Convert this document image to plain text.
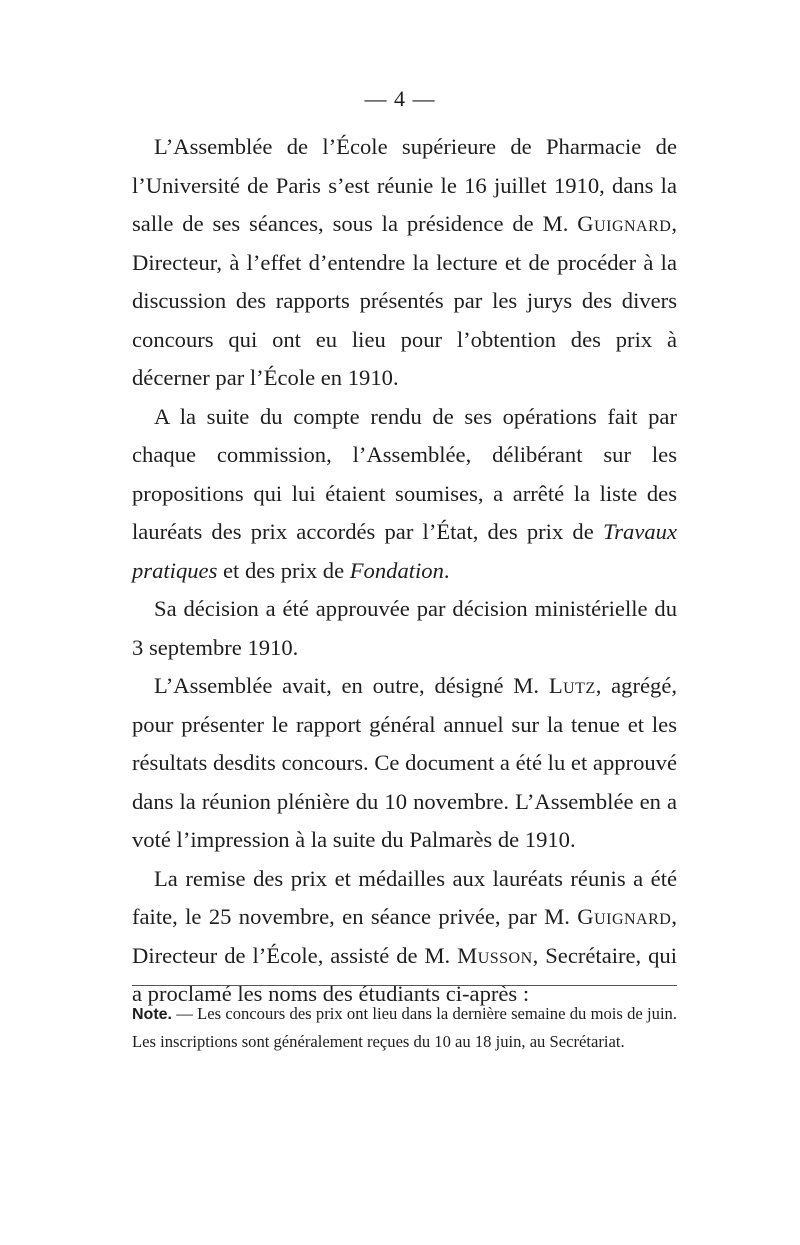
— 4 —

L’Assemblée de l’École supérieure de Pharmacie de l’Université de Paris s’est réunie le 16 juillet 1910, dans la salle de ses séances, sous la présidence de M. Guignard, Directeur, à l’effet d’entendre la lecture et de procéder à la discussion des rapports présentés par les jurys des divers concours qui ont eu lieu pour l’obtention des prix à décerner par l’École en 1910.

A la suite du compte rendu de ses opérations fait par chaque commission, l’Assemblée, délibérant sur les propositions qui lui étaient soumises, a arrêté la liste des lauréats des prix accordés par l’État, des prix de Travaux pratiques et des prix de Fondation.

Sa décision a été approuvée par décision ministérielle du 3 septembre 1910.

L’Assemblée avait, en outre, désigné M. Lutz, agrégé, pour présenter le rapport général annuel sur la tenue et les résultats desdits concours. Ce document a été lu et approuvé dans la réunion plénière du 10 novembre. L’Assemblée en a voté l’impression à la suite du Palmarès de 1910.

La remise des prix et médailles aux lauréats réunis a été faite, le 25 novembre, en séance privée, par M. Guignard, Directeur de l’École, assisté de M. Musson, Secrétaire, qui a proclamé les noms des étudiants ci-après :

Note. — Les concours des prix ont lieu dans la dernière semaine du mois de juin. Les inscriptions sont généralement reçues du 10 au 18 juin, au Secrétariat.
